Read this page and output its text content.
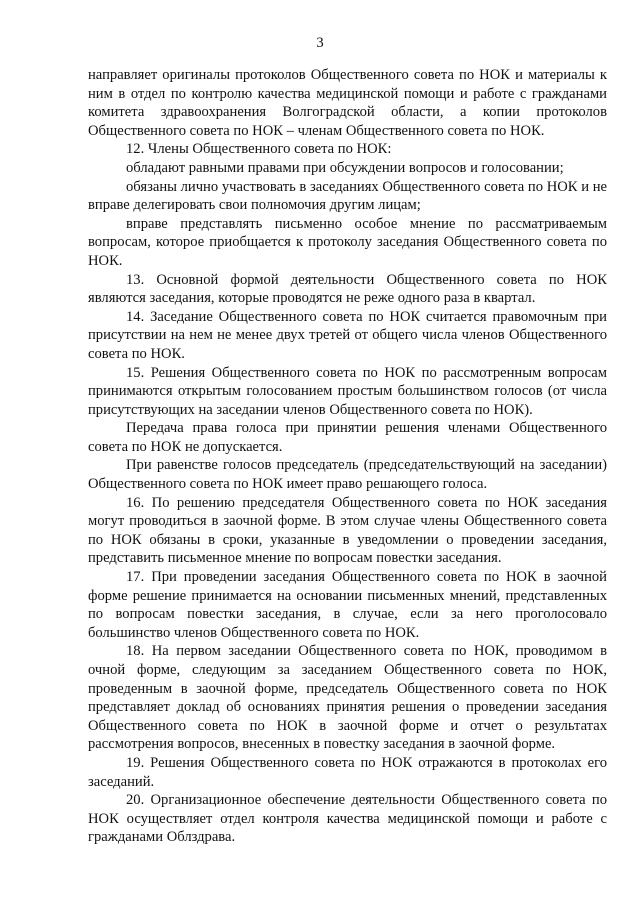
3

направляет оригиналы протоколов Общественного совета по НОК и материалы к ним в отдел по контролю качества медицинской помощи и работе с гражданами комитета здравоохранения Волгоградской области, а копии протоколов Общественного совета по НОК – членам Общественного совета по НОК.

12. Члены Общественного совета по НОК:

обладают равными правами при обсуждении вопросов и голосовании;

обязаны лично участвовать в заседаниях Общественного совета по НОК и не вправе делегировать свои полномочия другим лицам;

вправе представлять письменно особое мнение по рассматриваемым вопросам, которое приобщается к протоколу заседания Общественного совета по НОК.

13. Основной формой деятельности Общественного совета по НОК являются заседания, которые проводятся не реже одного раза в квартал.

14. Заседание Общественного совета по НОК считается правомочным при присутствии на нем не менее двух третей от общего числа членов Общественного совета по НОК.

15. Решения Общественного совета по НОК по рассмотренным вопросам принимаются открытым голосованием простым большинством голосов (от числа присутствующих на заседании членов Общественного совета по НОК).

Передача права голоса при принятии решения членами Общественного совета по НОК не допускается.

При равенстве голосов председатель (председательствующий на заседании) Общественного совета по НОК имеет право решающего голоса.

16. По решению председателя Общественного совета по НОК заседания могут проводиться в заочной форме. В этом случае члены Общественного совета по НОК обязаны в сроки, указанные в уведомлении о проведении заседания, представить письменное мнение по вопросам повестки заседания.

17. При проведении заседания Общественного совета по НОК в заочной форме решение принимается на основании письменных мнений, представленных по вопросам повестки заседания, в случае, если за него проголосовало большинство членов Общественного совета по НОК.

18. На первом заседании Общественного совета по НОК, проводимом в очной форме, следующим за заседанием Общественного совета по НОК, проведенным в заочной форме, председатель Общественного совета по НОК представляет доклад об основаниях принятия решения о проведении заседания Общественного совета по НОК в заочной форме и отчет о результатах рассмотрения вопросов, внесенных в повестку заседания в заочной форме.

19. Решения Общественного совета по НОК отражаются в протоколах его заседаний.

20. Организационное обеспечение деятельности Общественного совета по НОК осуществляет отдел контроля качества медицинской помощи и работе с гражданами Облздрава.
